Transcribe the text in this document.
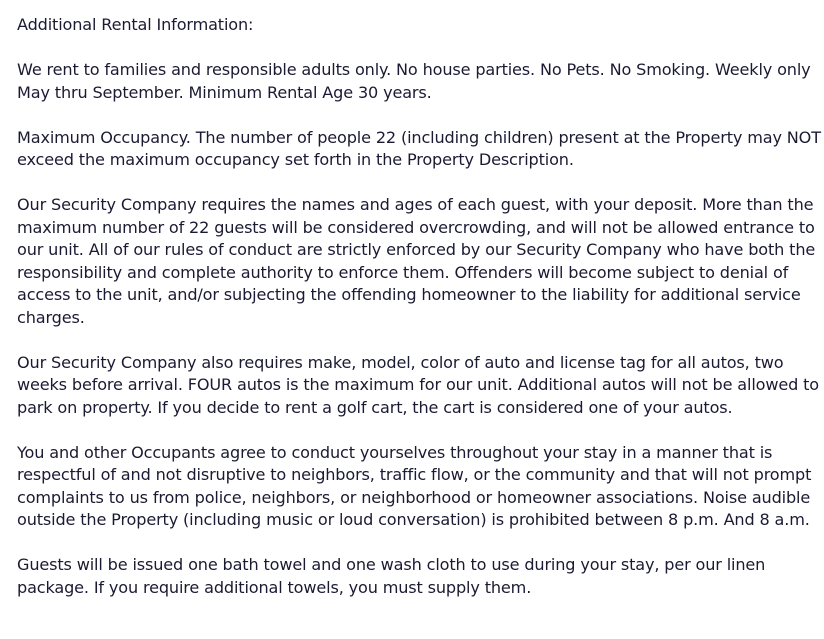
Additional Rental Information:

We rent to families and responsible adults only. No house parties. No Pets. No Smoking. Weekly only May thru September. Minimum Rental Age 30 years.

Maximum Occupancy. The number of people 22 (including children) present at the Property may NOT exceed the maximum occupancy set forth in the Property Description.

Our Security Company requires the names and ages of each guest, with your deposit. More than the maximum number of 22 guests will be considered overcrowding, and will not be allowed entrance to our unit. All of our rules of conduct are strictly enforced by our Security Company who have both the responsibility and complete authority to enforce them. Offenders will become subject to denial of access to the unit, and/or subjecting the offending homeowner to the liability for additional service charges.

Our Security Company also requires make, model, color of auto and license tag for all autos, two weeks before arrival. FOUR autos is the maximum for our unit. Additional autos will not be allowed to park on property. If you decide to rent a golf cart, the cart is considered one of your autos.

You and other Occupants agree to conduct yourselves throughout your stay in a manner that is respectful of and not disruptive to neighbors, traffic flow, or the community and that will not prompt complaints to us from police, neighbors, or neighborhood or homeowner associations. Noise audible outside the Property (including music or loud conversation) is prohibited between 8 p.m. And 8 a.m.

Guests will be issued one bath towel and one wash cloth to use during your stay, per our linen package. If you require additional towels, you must supply them.
